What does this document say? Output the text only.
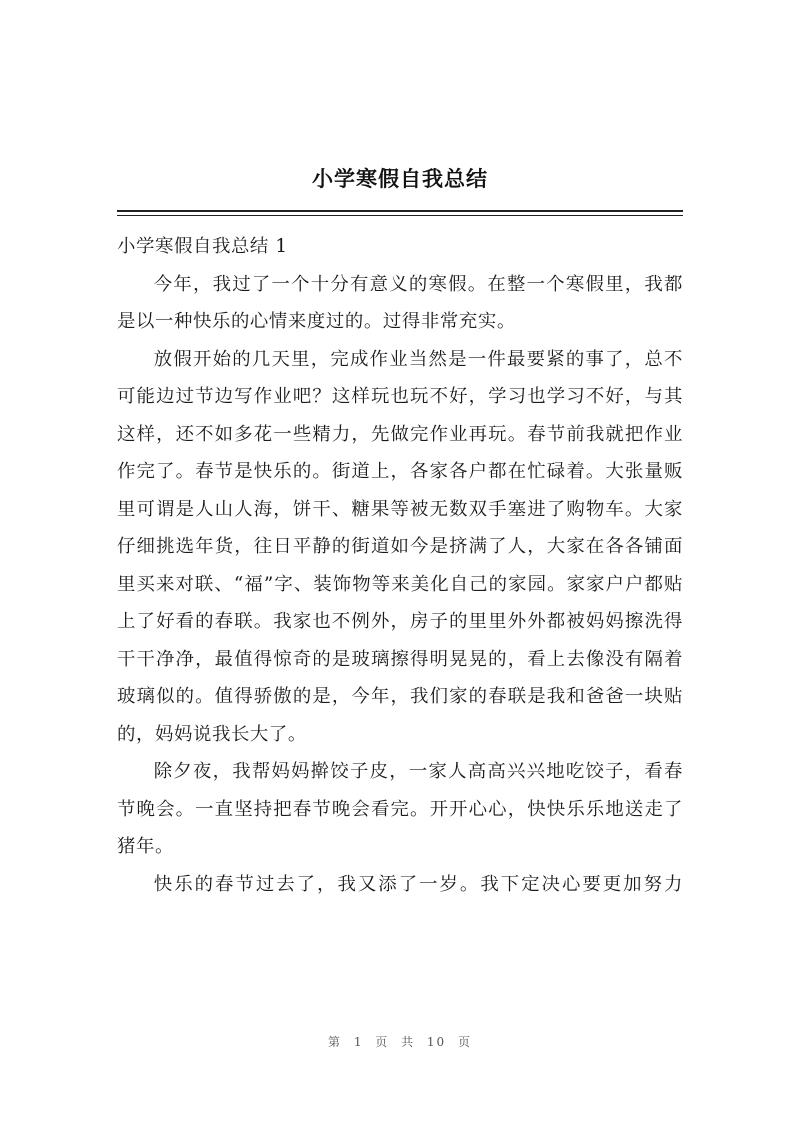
小学寒假自我总结

小学寒假自我总结 1

今年，我过了一个十分有意义的寒假。在整一个寒假里，我都是以一种快乐的心情来度过的。过得非常充实。

放假开始的几天里，完成作业当然是一件最要紧的事了，总不可能边过节边写作业吧？这样玩也玩不好，学习也学习不好，与其这样，还不如多花一些精力，先做完作业再玩。春节前我就把作业作完了。春节是快乐的。街道上，各家各户都在忙碌着。大张量贩里可谓是人山人海，饼干、糖果等被无数双手塞进了购物车。大家仔细挑选年货，往日平静的街道如今是挤满了人，大家在各各铺面里买来对联、“福”字、装饰物等来美化自己的家园。家家户户都贴上了好看的春联。我家也不例外，房子的里里外外都被妈妈擦洗得干干净净，最值得惊奇的是玻璃擦得明晃晃的，看上去像没有隔着玻璃似的。值得骄傲的是，今年，我们家的春联是我和爸爸一块贴的，妈妈说我长大了。

除夕夜，我帮妈妈擀饺子皮，一家人高高兴兴地吃饺子，看春节晚会。一直坚持把春节晚会看完。开开心心，快快乐乐地送走了猪年。

快乐的春节过去了，我又添了一岁。我下定决心要更加努力

第 1 页 共 10 页
